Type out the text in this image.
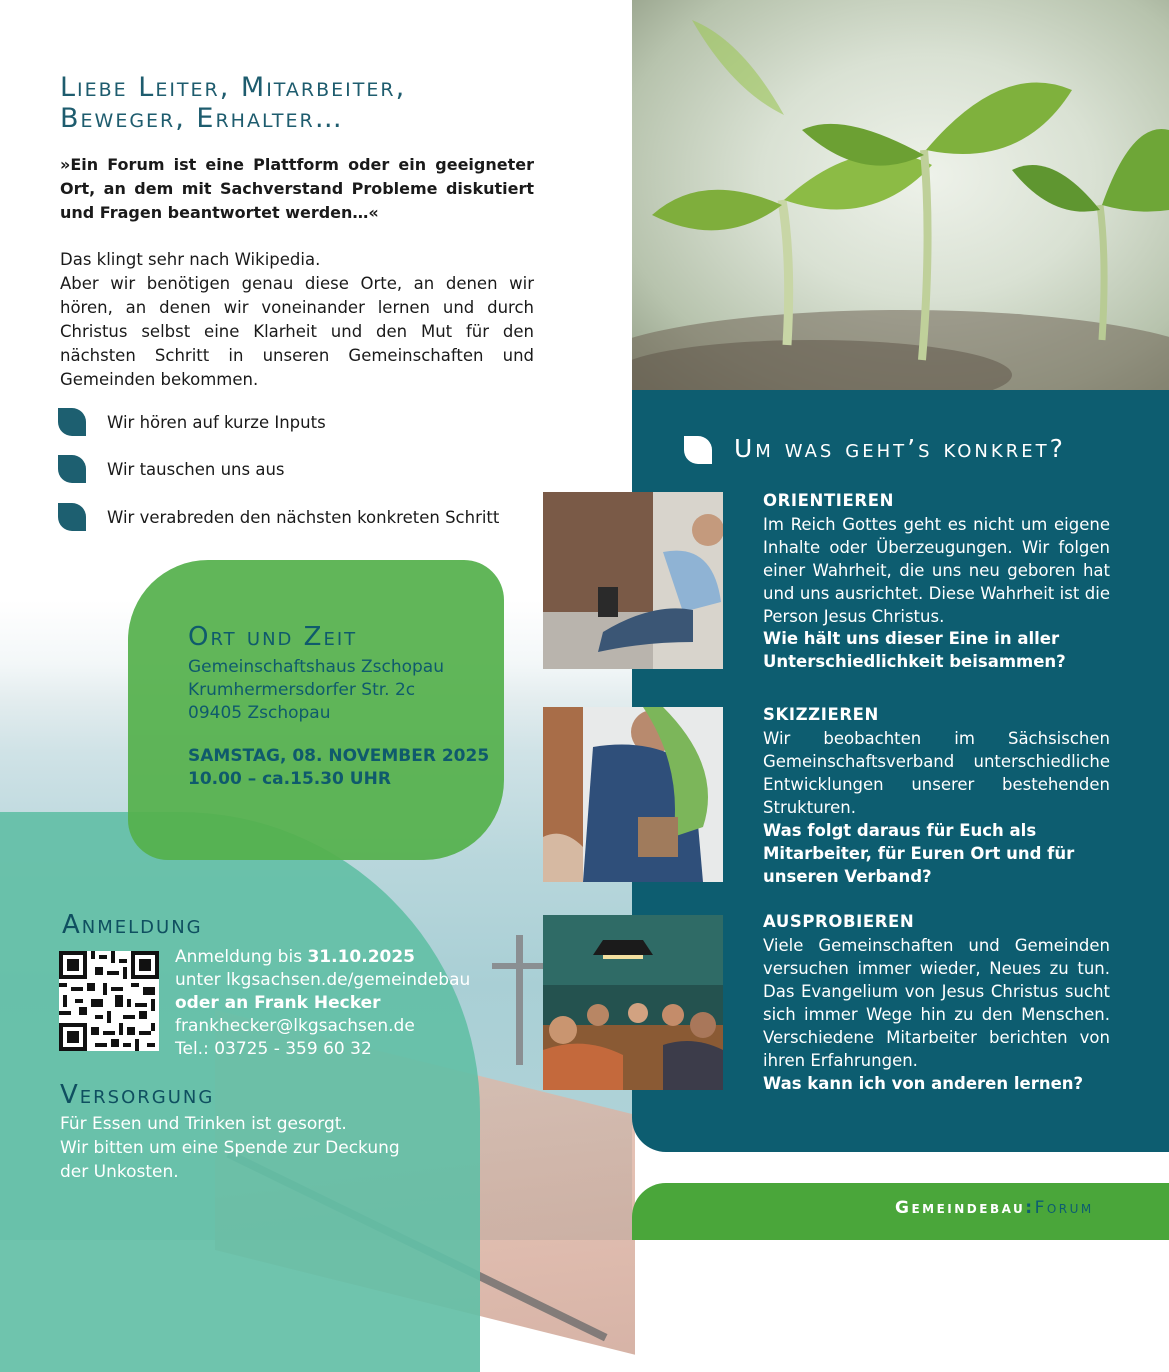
Liebe Leiter, Mitarbeiter,
Beweger, Erhalter…
»Ein Forum ist eine Plattform oder ein geeigneter Ort, an dem mit Sachverstand Probleme diskutiert und Fragen beantwortet werden…«
Das klingt sehr nach Wikipedia.
Aber wir benötigen genau diese Orte, an denen wir hören, an denen wir voneinander lernen und durch Christus selbst eine Klarheit und den Mut für den nächsten Schritt in unseren Gemeinschaften und Gemeinden bekommen.
Wir hören auf kurze Inputs
Wir tauschen uns aus
Wir verabreden den nächsten konkreten Schritt
Ort und Zeit
Gemeinschaftshaus Zschopau
Krumhermersdorfer Str. 2c
09405 Zschopau
SAMSTAG, 08. NOVEMBER 2025
10.00 – ca.15.30 UHR
Anmeldung
Anmeldung bis 31.10.2025
unter lkgsachsen.de/gemeindebau
oder an Frank Hecker
frankhecker@lkgsachsen.de
Tel.: 03725 - 359 60 32
Versorgung
Für Essen und Trinken ist gesorgt.
Wir bitten um eine Spende zur Deckung
der Unkosten.
Um was geht’s konkret?
ORIENTIEREN
Im Reich Gottes geht es nicht um eigene Inhalte oder Überzeugungen. Wir folgen einer Wahrheit, die uns neu geboren hat und uns ausrichtet. Diese Wahrheit ist die Person Jesus Christus.
Wie hält uns dieser Eine in aller Unterschiedlichkeit beisammen?
SKIZZIEREN
Wir beobachten im Sächsischen Gemeinschaftsverband unterschiedliche Entwicklungen unserer bestehenden Strukturen.
Was folgt daraus für Euch als Mitarbeiter, für Euren Ort und für unseren Verband?
AUSPROBIEREN
Viele Gemeinschaften und Gemeinden versuchen immer wieder, Neues zu tun. Das Evangelium von Jesus Christus sucht sich immer Wege hin zu den Menschen. Verschiedene Mitarbeiter berichten von ihren Erfahrungen.
Was kann ich von anderen lernen?
Gemeindebau:Forum
